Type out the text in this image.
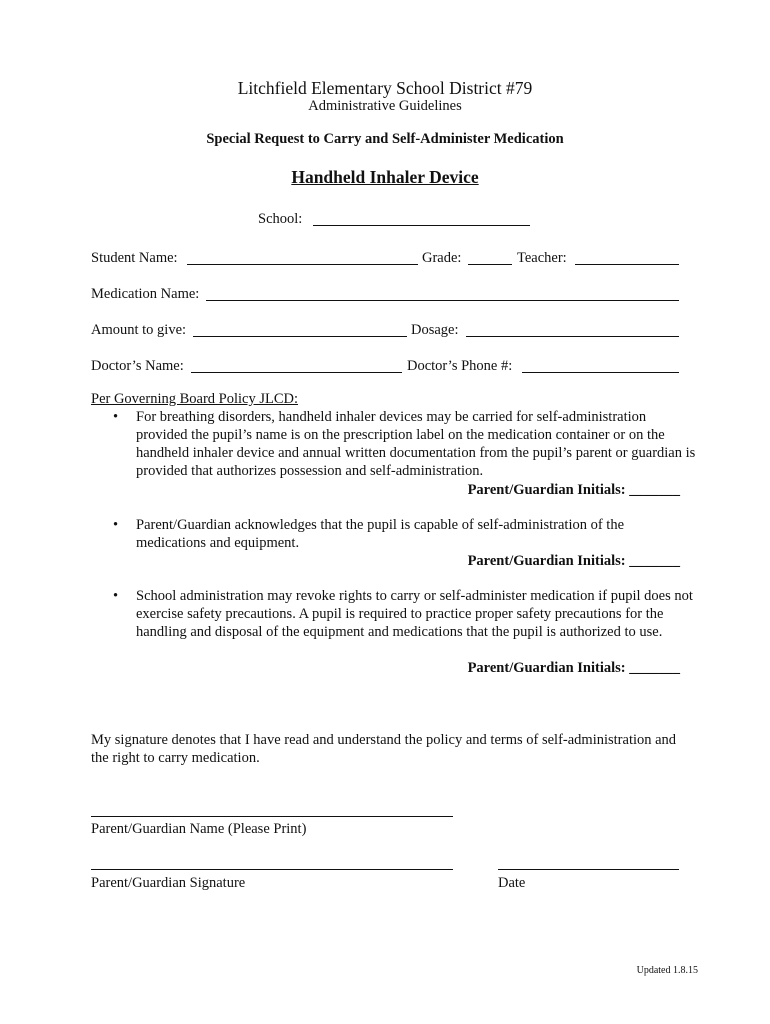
Litchfield Elementary School District #79
Administrative Guidelines
Special Request to Carry and Self-Administer Medication
Handheld Inhaler Device
School:
Student Name:	Grade:	Teacher:
Medication Name:
Amount to give:	Dosage:
Doctor’s Name:	Doctor’s Phone #:
Per Governing Board Policy JLCD:
• For breathing disorders, handheld inhaler devices may be carried for self-administration provided the pupil’s name is on the prescription label on the medication container or on the handheld inhaler device and annual written documentation from the pupil’s parent or guardian is provided that authorizes possession and self-administration.
Parent/Guardian Initials: _______
• Parent/Guardian acknowledges that the pupil is capable of self-administration of the medications and equipment.
Parent/Guardian Initials: _______
• School administration may revoke rights to carry or self-administer medication if pupil does not exercise safety precautions. A pupil is required to practice proper safety precautions for the handling and disposal of the equipment and medications that the pupil is authorized to use.
Parent/Guardian Initials: _______
My signature denotes that I have read and understand the policy and terms of self-administration and the right to carry medication.
Parent/Guardian Name (Please Print)
Parent/Guardian Signature	Date
Updated 1.8.15
